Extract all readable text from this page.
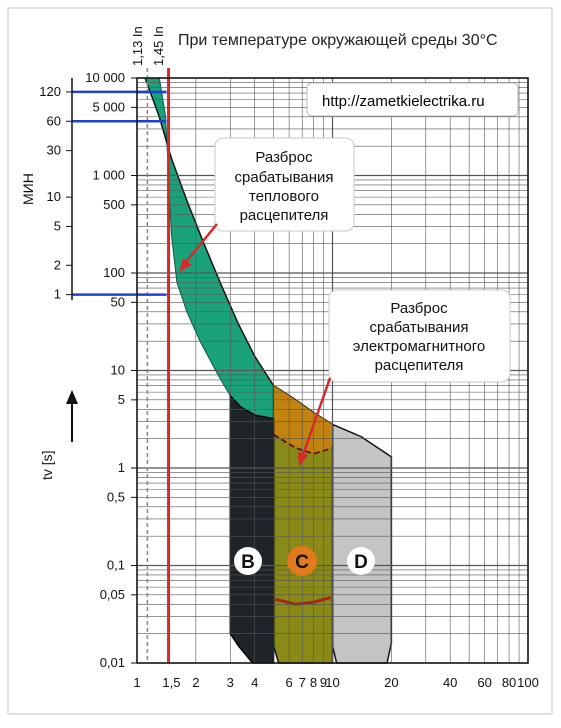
При температуре окружающей среды 30°C
1 1,5 2 3 4 6 7 8 9
10	20	40 60 80 100
10 000
5 000
1 000
500
100
50
10
5
1
0,5
0,1
0,05
0,01
120
60
30
10
5
2
1
http://zametkielectrika.ru
Разброс
срабатывания
теплового
расцепителя
Разброс
срабатывания
электромагнитного
расцепителя
B C D
МИН
tv [s]
1,13 In 1,45 In
